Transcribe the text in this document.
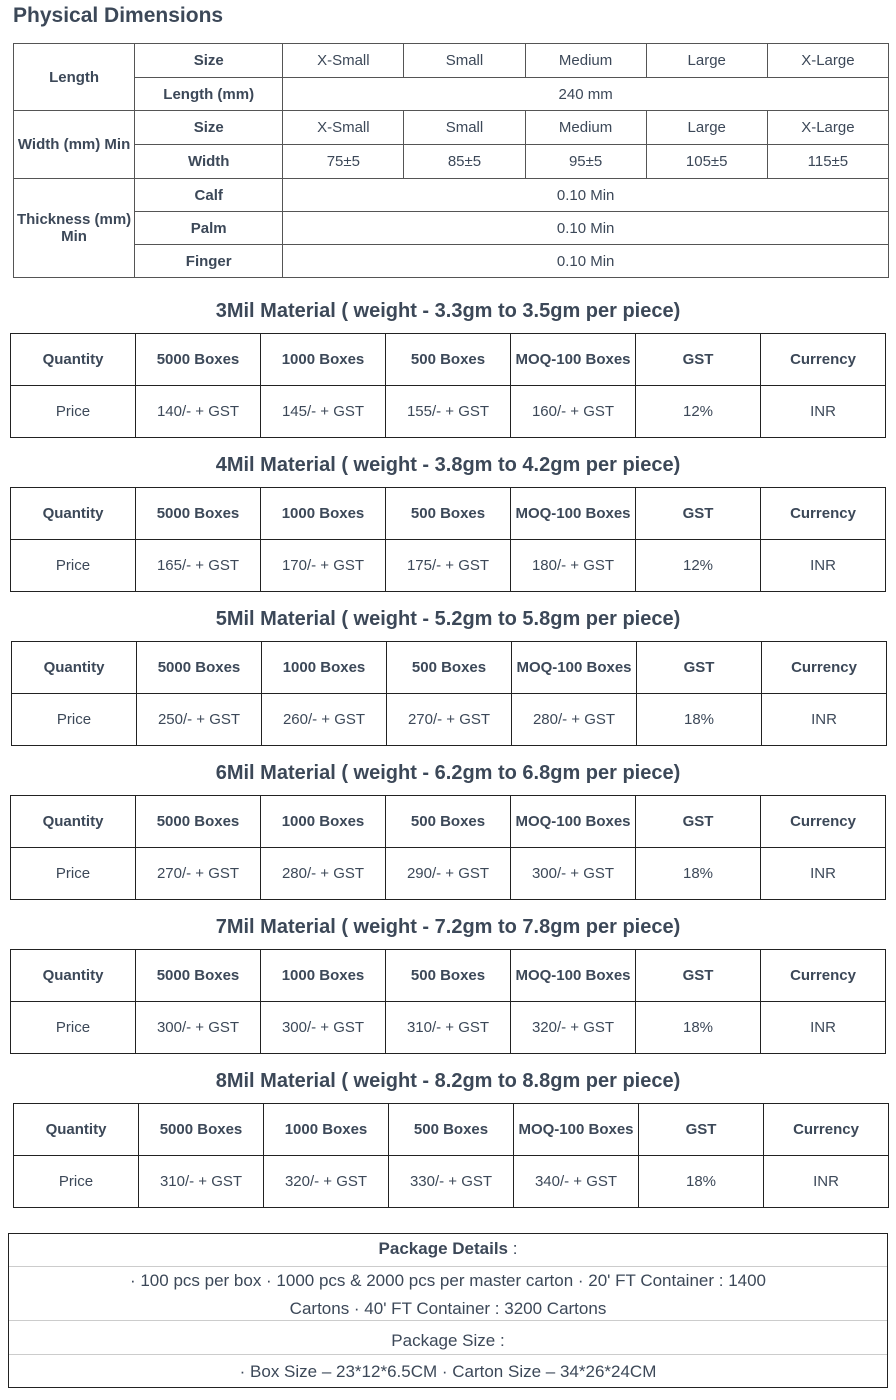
Physical Dimensions
Length	Size	X-Small	Small	Medium	Large	X-Large
	Length (mm)	240 mm				
Width (mm) Min	Size	X-Small	Small	Medium	Large	X-Large
	Width	75±5	85±5	95±5	105±5	115±5
Thickness (mm) Min	Calf	0.10 Min				
	Palm	0.10 Min				
	Finger	0.10 Min				
3Mil Material ( weight - 3.3gm to 3.5gm per piece)
Quantity	5000 Boxes	1000 Boxes	500 Boxes	MOQ-100 Boxes	GST	Currency
Price	140/- + GST	145/- + GST	155/- + GST	160/- + GST	12%	INR
4Mil Material ( weight - 3.8gm to 4.2gm per piece)
Quantity	5000 Boxes	1000 Boxes	500 Boxes	MOQ-100 Boxes	GST	Currency
Price	165/- + GST	170/- + GST	175/- + GST	180/- + GST	12%	INR
5Mil Material ( weight - 5.2gm to 5.8gm per piece)
Quantity	5000 Boxes	1000 Boxes	500 Boxes	MOQ-100 Boxes	GST	Currency
Price	250/- + GST	260/- + GST	270/- + GST	280/- + GST	18%	INR
6Mil Material ( weight - 6.2gm to 6.8gm per piece)
Quantity	5000 Boxes	1000 Boxes	500 Boxes	MOQ-100 Boxes	GST	Currency
Price	270/- + GST	280/- + GST	290/- + GST	300/- + GST	18%	INR
7Mil Material ( weight - 7.2gm to 7.8gm per piece)
Quantity	5000 Boxes	1000 Boxes	500 Boxes	MOQ-100 Boxes	GST	Currency
Price	300/- + GST	300/- + GST	310/- + GST	320/- + GST	18%	INR
8Mil Material ( weight - 8.2gm to 8.8gm per piece)
Quantity	5000 Boxes	1000 Boxes	500 Boxes	MOQ-100 Boxes	GST	Currency
Price	310/- + GST	320/- + GST	330/- + GST	340/- + GST	18%	INR
Package Details :
· 100 pcs per box · 1000 pcs & 2000 pcs per master carton · 20' FT Container : 1400 Cartons · 40' FT Container : 3200 Cartons
Package Size :
· Box Size – 23*12*6.5CM · Carton Size – 34*26*24CM
